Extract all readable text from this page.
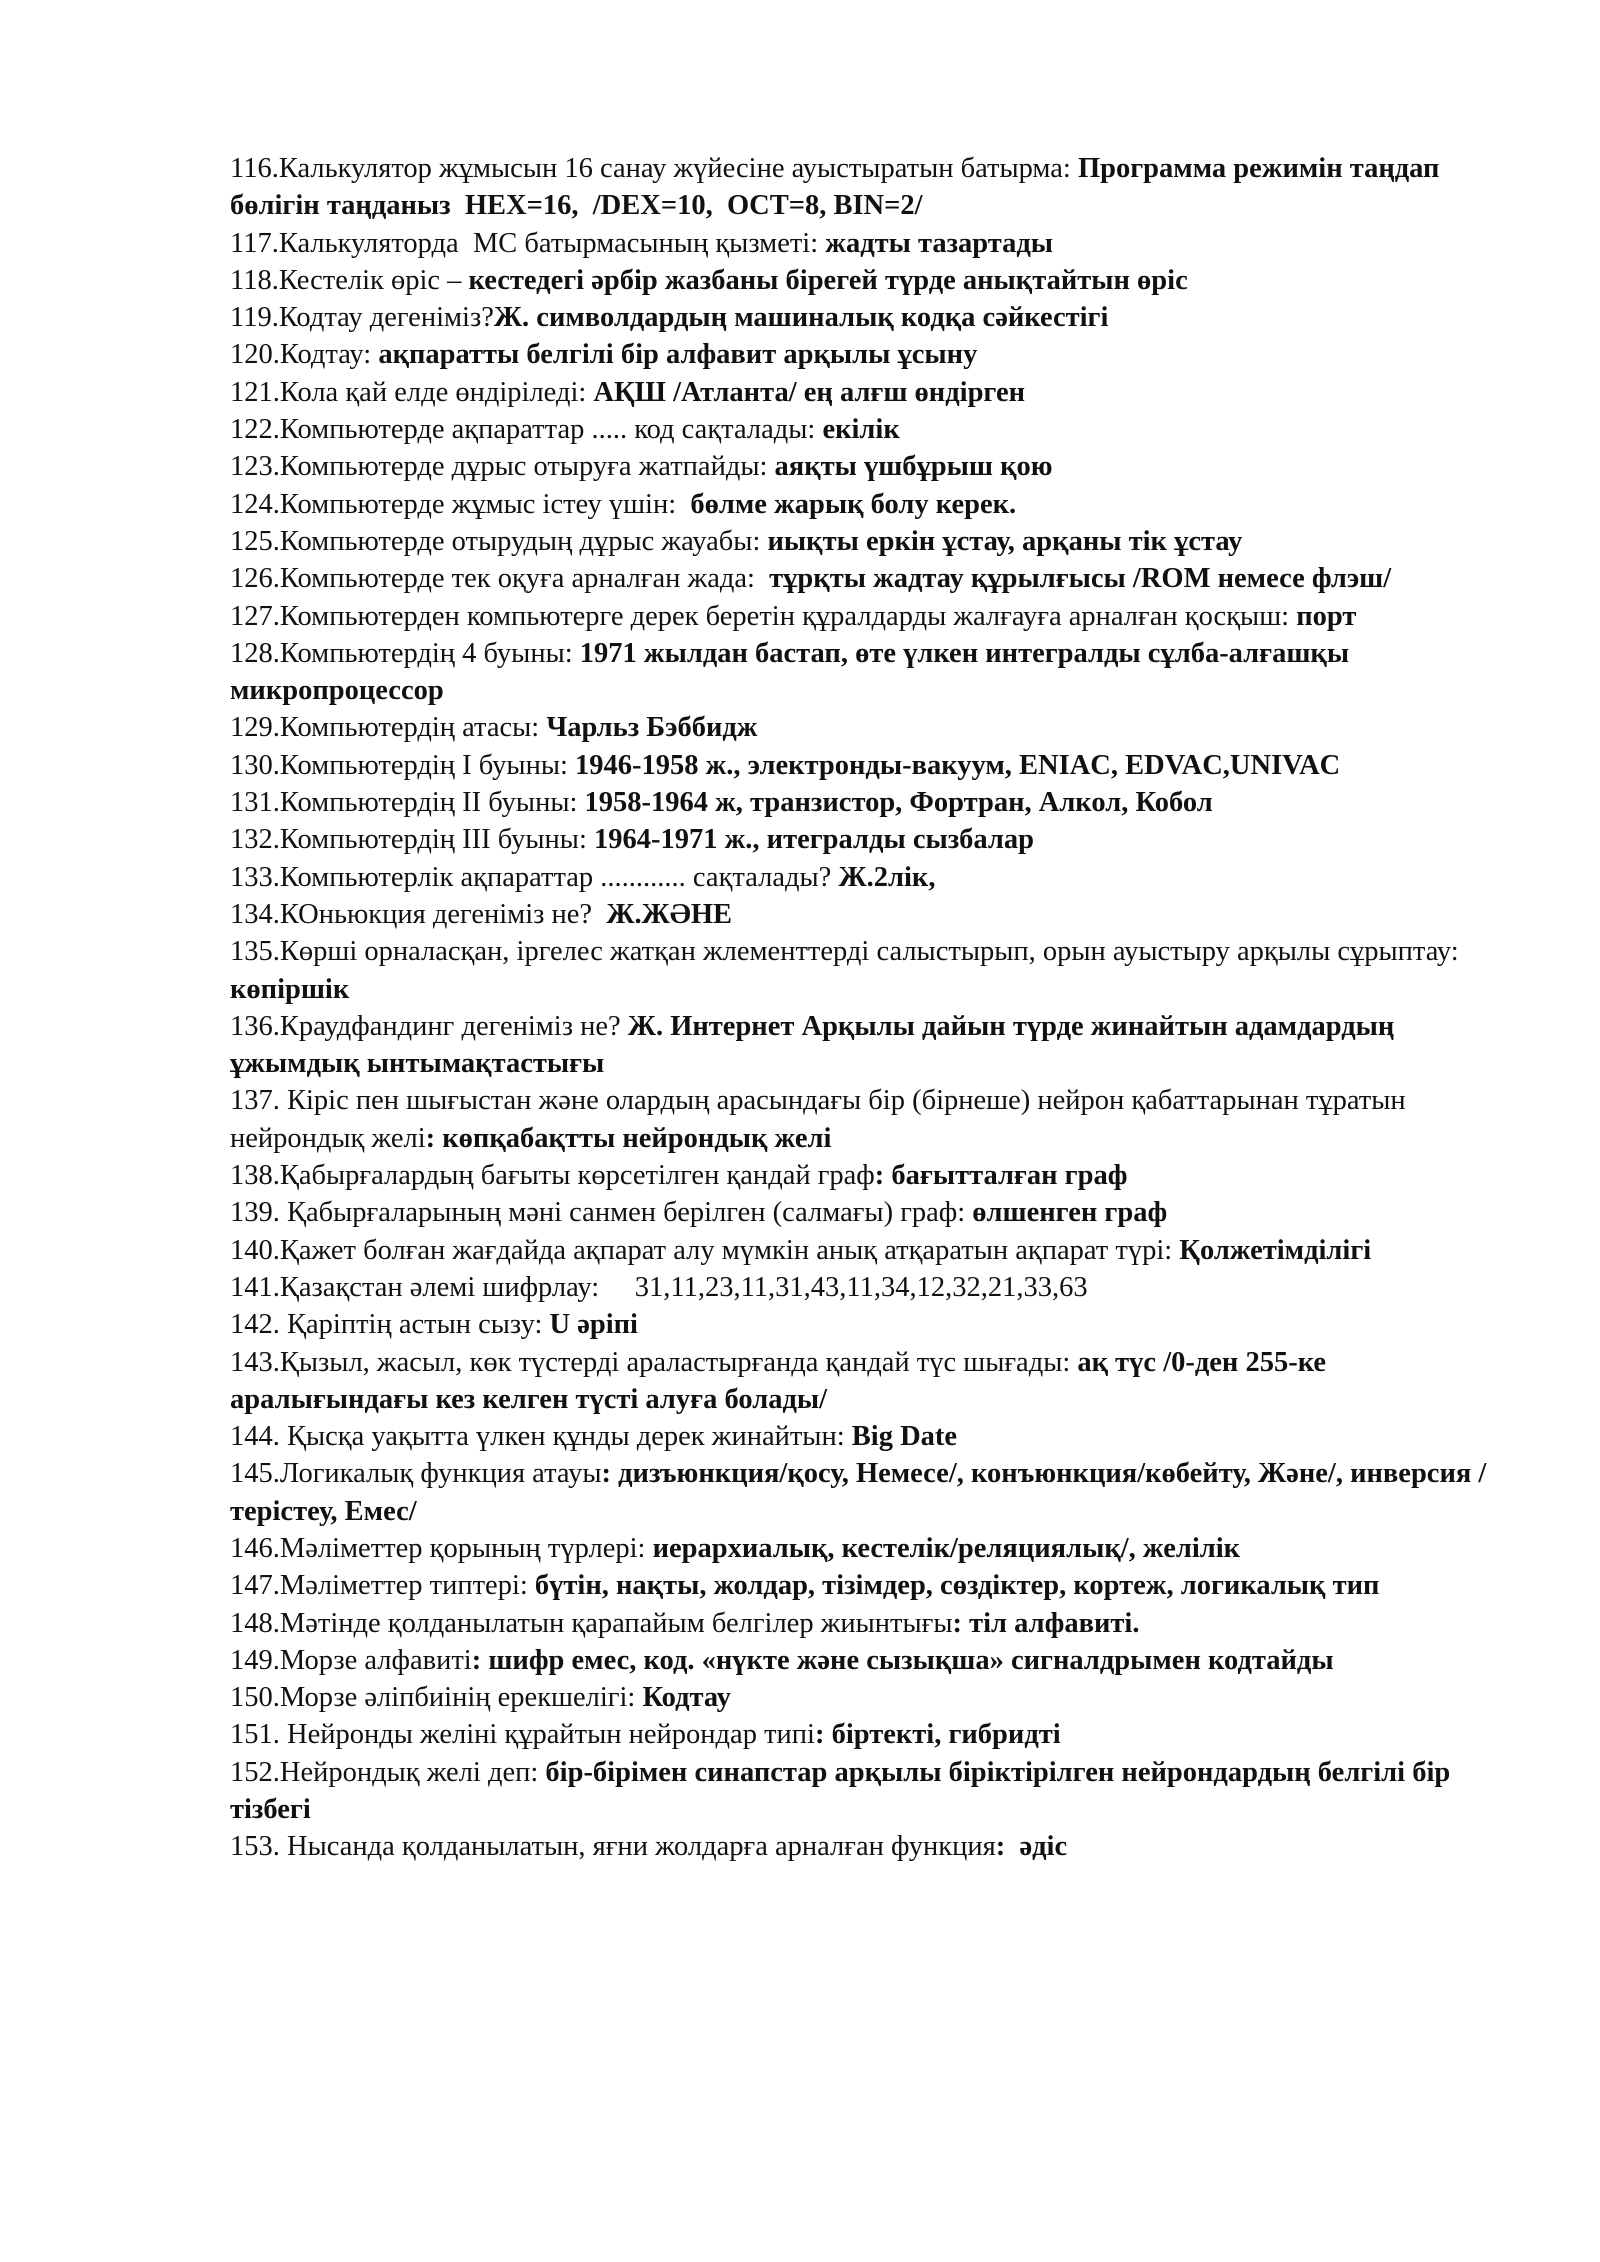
116.Калькулятор жұмысын 16 санау жүйесіне ауыстыратын батырма: Программа режимін таңдап бөлігін таңданыз  HEX=16,  /DEX=10,  OCT=8, BIN=2/

117.Калькуляторда  МС батырмасының қызметі: жадты тазартады

118.Кестелік өріс – кестедегі әрбір жазбаны бірегей түрде анықтайтын өріс

119.Кодтау дегеніміз?Ж. символдардың машиналық кодқа сәйкестігі

120.Кодтау: ақпаратты белгілі бір алфавит арқылы ұсыну

121.Кола қай елде өндіріледі: АҚШ /Атланта/ ең алғш өндірген

122.Компьютерде ақпараттар ..... код сақталады: екілік

123.Компьютерде дұрыс отыруға жатпайды: аяқты үшбұрыш қою

124.Компьютерде жұмыс істеу үшін:  бөлме жарық болу керек.

125.Компьютерде отырудың дұрыс жауабы: иықты еркін ұстау, арқаны тік ұстау

126.Компьютерде тек оқуға арналған жада:  тұрқты жадтау құрылғысы /ROM немесе флэш/

127.Компьютерден компьютерге дерек беретін құралдарды жалғауға арналған қосқыш: порт

128.Компьютердің 4 буыны: 1971 жылдан бастап, өте үлкен интегралды сұлба-алғашқы микропроцессор

129.Компьютердің атасы: Чарльз Бэббидж

130.Компьютердің І буыны: 1946-1958 ж., электронды-вакуум, ENIAC, EDVAC,UNIVAC

131.Компьютердің ІІ буыны: 1958-1964 ж, транзистор, Фортран, Алкол, Кобол

132.Компьютердің ІІІ буыны: 1964-1971 ж., итегралды сызбалар

133.Компьютерлік ақпараттар ............ сақталады? Ж.2лік,

134.КОньюкция дегеніміз не?  Ж.ЖӘНЕ

135.Көрші орналасқан, іргелес жатқан жлементтерді салыстырып, орын ауыстыру арқылы сұрыптау: көпіршік

136.Краудфандинг дегеніміз не? Ж. Интернет Арқылы дайын түрде жинайтын адамдардың ұжымдық ынтымақтастығы

137. Кіріс пен шығыстан және олардың арасындағы бір (бірнеше) нейрон қабаттарынан тұратын нейрондық желі: көпқабақтты нейрондық желі

138.Қабырғалардың бағыты көрсетілген қандай граф: бағытталған граф

139. Қабырғаларының мәні санмен берілген (салмағы) граф: өлшенген граф

140.Қажет болған жағдайда ақпарат алу мүмкін анық атқаратын ақпарат түрі: Қолжетімділігі

141.Қазақстан әлемі шифрлау:     31,11,23,11,31,43,11,34,12,32,21,33,63

142. Қаріптің астын сызу: U әріпі

143.Қызыл, жасыл, көк түстерді араластырғанда қандай түс шығады: ақ түс /0-ден 255-ке аралығындағы кез келген түсті алуға болады/

144. Қысқа уақытта үлкен құнды дерек жинайтын: Big Date

145.Логикалық функция атауы: дизъюнкция/қосу, Немесе/, конъюнкция/көбейту, Және/, инверсия /терістеу, Емес/

146.Мәліметтер қорының түрлері: иерархиалық, кестелік/реляциялық/, желілік

147.Мәліметтер типтері: бүтін, нақты, жолдар, тізімдер, сөздіктер, кортеж, логикалық тип

148.Мәтінде қолданылатын қарапайым белгілер жиынтығы: тіл алфавиті.

149.Морзе алфавиті: шифр емес, код. «нүкте және сызықша» сигналдрымен кодтайды

150.Морзе әліпбиінің ерекшелігі: Кодтау

151. Нейронды желіні құрайтын нейрондар типі: біртекті, гибридті

152.Нейрондық желі деп: бір-бірімен синапстар арқылы біріктірілген нейрондардың белгілі бір тізбегі

153. Нысанда қолданылатын, яғни жолдарға арналған функция:  әдіс
